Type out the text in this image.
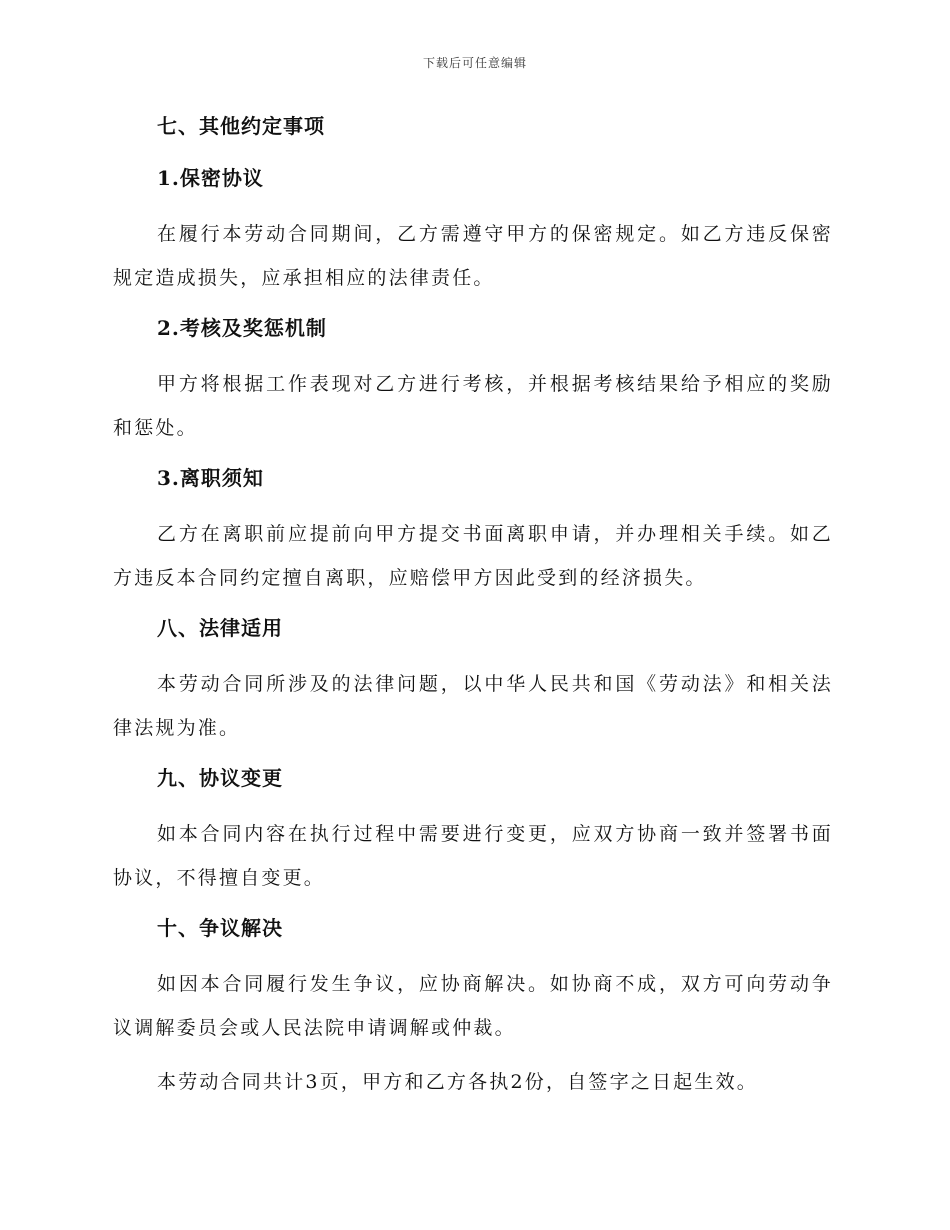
下载后可任意编辑
七、其他约定事项
1.保密协议

在履行本劳动合同期间，乙方需遵守甲方的保密规定。如乙方违反保密规定造成损失，应承担相应的法律责任。

2.考核及奖惩机制

甲方将根据工作表现对乙方进行考核，并根据考核结果给予相应的奖励和惩处。

3.离职须知

乙方在离职前应提前向甲方提交书面离职申请，并办理相关手续。如乙方违反本合同约定擅自离职，应赔偿甲方因此受到的经济损失。

八、法律适用

本劳动合同所涉及的法律问题，以中华人民共和国《劳动法》和相关法律法规为准。

九、协议变更

如本合同内容在执行过程中需要进行变更，应双方协商一致并签署书面协议，不得擅自变更。

十、争议解决

如因本合同履行发生争议，应协商解决。如协商不成，双方可向劳动争议调解委员会或人民法院申请调解或仲裁。

本劳动合同共计3页，甲方和乙方各执2份，自签字之日起生效。
